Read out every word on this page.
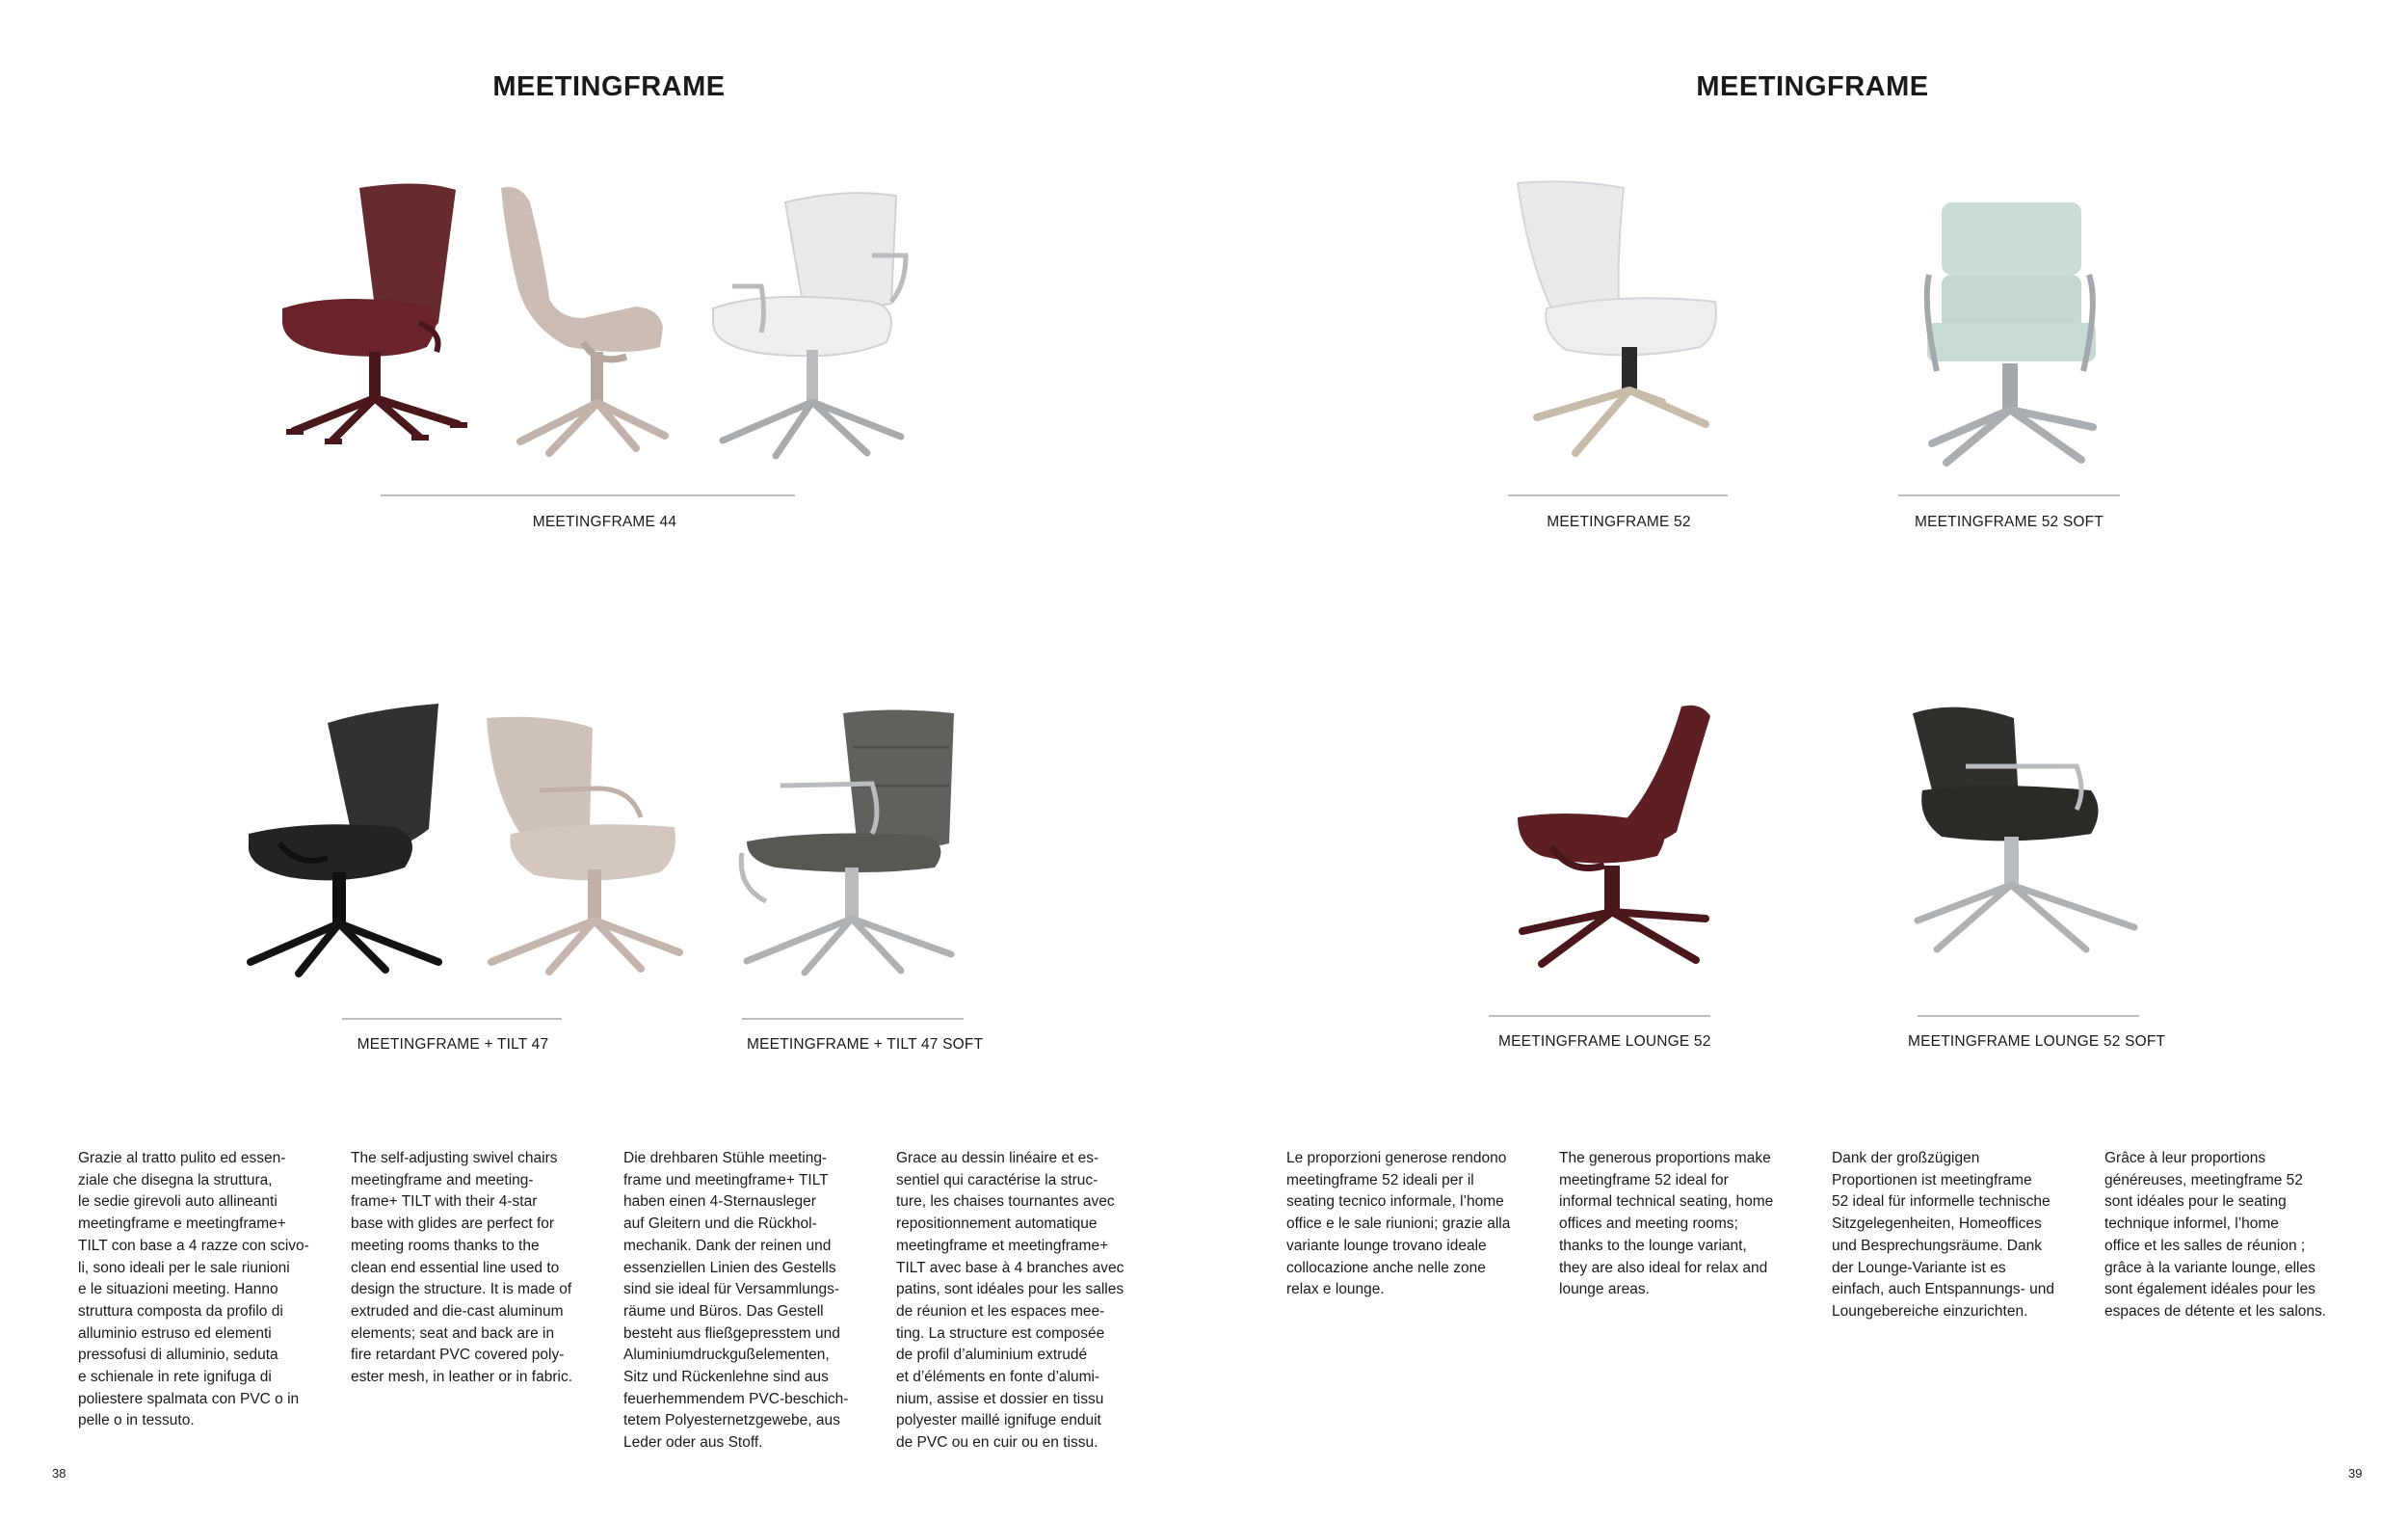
MEETINGFRAME
MEETINGFRAME 44
MEETINGFRAME + TILT 47	MEETINGFRAME + TILT 47 SOFT
Grazie al tratto pulito ed essen-
ziale che disegna la struttura,
le sedie girevoli auto allineanti
meetingframe e meetingframe+
TILT con base a 4 razze con scivo-
li, sono ideali per le sale riunioni
e le situazioni meeting. Hanno
struttura composta da profilo di
alluminio estruso ed elementi
pressofusi di alluminio, seduta
e schienale in rete ignifuga di
poliestere spalmata con PVC o in
pelle o in tessuto.
The self-adjusting swivel chairs
meetingframe and meeting-
frame+ TILT with their 4-star
base with glides are perfect for
meeting rooms thanks to the
clean end essential line used to
design the structure. It is made of
extruded and die-cast aluminum
elements; seat and back are in
fire retardant PVC covered poly-
ester mesh, in leather or in fabric.
Die drehbaren Stühle meeting-
frame und meetingframe+ TILT
haben einen 4-Sternausleger
auf Gleitern und die Rückhol-
mechanik. Dank der reinen und
essenziellen Linien des Gestells
sind sie ideal für Versammlungs-
räume und Büros. Das Gestell
besteht aus fließgepresstem und
Aluminiumdruckgußelementen,
Sitz und Rückenlehne sind aus
feuerhemmendem PVC-beschich-
tetem Polyesternetzgewebe, aus
Leder oder aus Stoff.
Grace au dessin linéaire et es-
sentiel qui caractérise la struc-
ture, les chaises tournantes avec
repositionnement automatique
meetingframe et meetingframe+
TILT avec base à 4 branches avec
patins, sont idéales pour les salles
de réunion et les espaces mee-
ting. La structure est composée
de profil d’aluminium extrudé
et d’éléments en fonte d’alumi-
nium, assise et dossier en tissu
polyester maillé ignifuge enduit
de PVC ou en cuir ou en tissu.
38
MEETINGFRAME
MEETINGFRAME 52	MEETINGFRAME 52 SOFT
MEETINGFRAME LOUNGE 52	MEETINGFRAME LOUNGE 52 SOFT
Le proporzioni generose rendono
meetingframe 52 ideali per il
seating tecnico informale, l’home
office e le sale riunioni; grazie alla
variante lounge trovano ideale
collocazione anche nelle zone
relax e lounge.
The generous proportions make
meetingframe 52 ideal for
informal technical seating, home
offices and meeting rooms;
thanks to the lounge variant,
they are also ideal for relax and
lounge areas.
Dank der großzügigen
Proportionen ist meetingframe
52 ideal für informelle technische
Sitzgelegenheiten, Homeoffices
und Besprechungsräume. Dank
der Lounge-Variante ist es
einfach, auch Entspannungs- und
Loungebereiche einzurichten.
Grâce à leur proportions
généreuses, meetingframe 52
sont idéales pour le seating
technique informel, l’home
office et les salles de réunion ;
grâce à la variante lounge, elles
sont également idéales pour les
espaces de détente et les salons.
39
